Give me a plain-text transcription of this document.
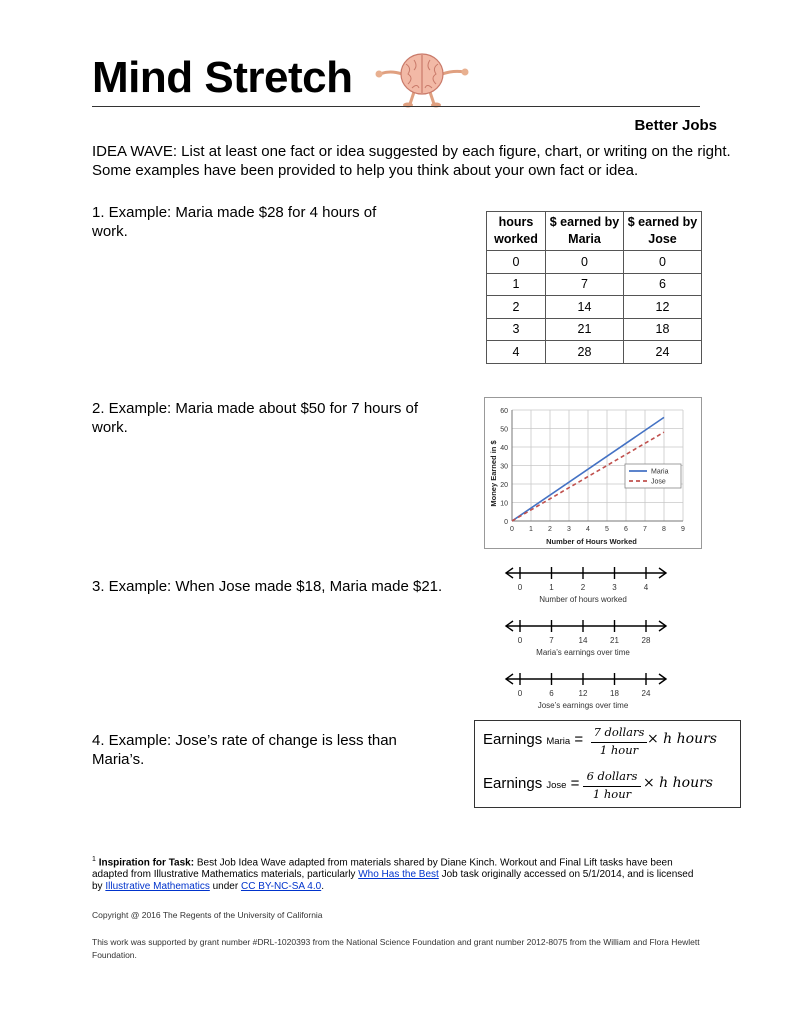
Mind Stretch
Better Jobs
IDEA WAVE: List at least one fact or idea suggested by each figure, chart, or writing on the right. Some examples have been provided to help you think about your own fact or idea.
1. Example: Maria made $28 for 4 hours of work.
2. Example: Maria made about $50 for 7 hours of work.
3. Example: When Jose made $18, Maria made $21.
4. Example: Jose’s rate of change is less than Maria’s.
hours worked	$ earned by Maria	$ earned by Jose
0	0	0
1	7	6
2	14	12
3	21	18
4	28	24
0
10
20
30
40
50
60
0 1 2 3 4 5 6 7 8 9
Number of Hours Worked
Money Earned in $	Maria
Jose
0	1	2	3	4
Number of hours worked
0	7	14	21	28
Maria’s earnings over time
0	6	12	18	24
Jose’s earnings over time
Earnings Maria = 7 dollars
1 hour
× h hours
Earnings Jose = 6 dollars
1 hour
× h hours
$^1$ Inspiration for Task: Best Job Idea Wave adapted from materials shared by Diane Kinch. Workout and Final Lift tasks have been adapted from Illustrative Mathematics materials, particularly Who Has the Best Job task originally accessed on 5/1/2014, and is licensed by Illustrative Mathematics under CC BY-NC-SA 4.0.
Copyright @ 2016 The Regents of the University of California
This work was supported by grant number #DRL-1020393 from the National Science Foundation and grant number 2012-8075 from the William and Flora Hewlett Foundation.
